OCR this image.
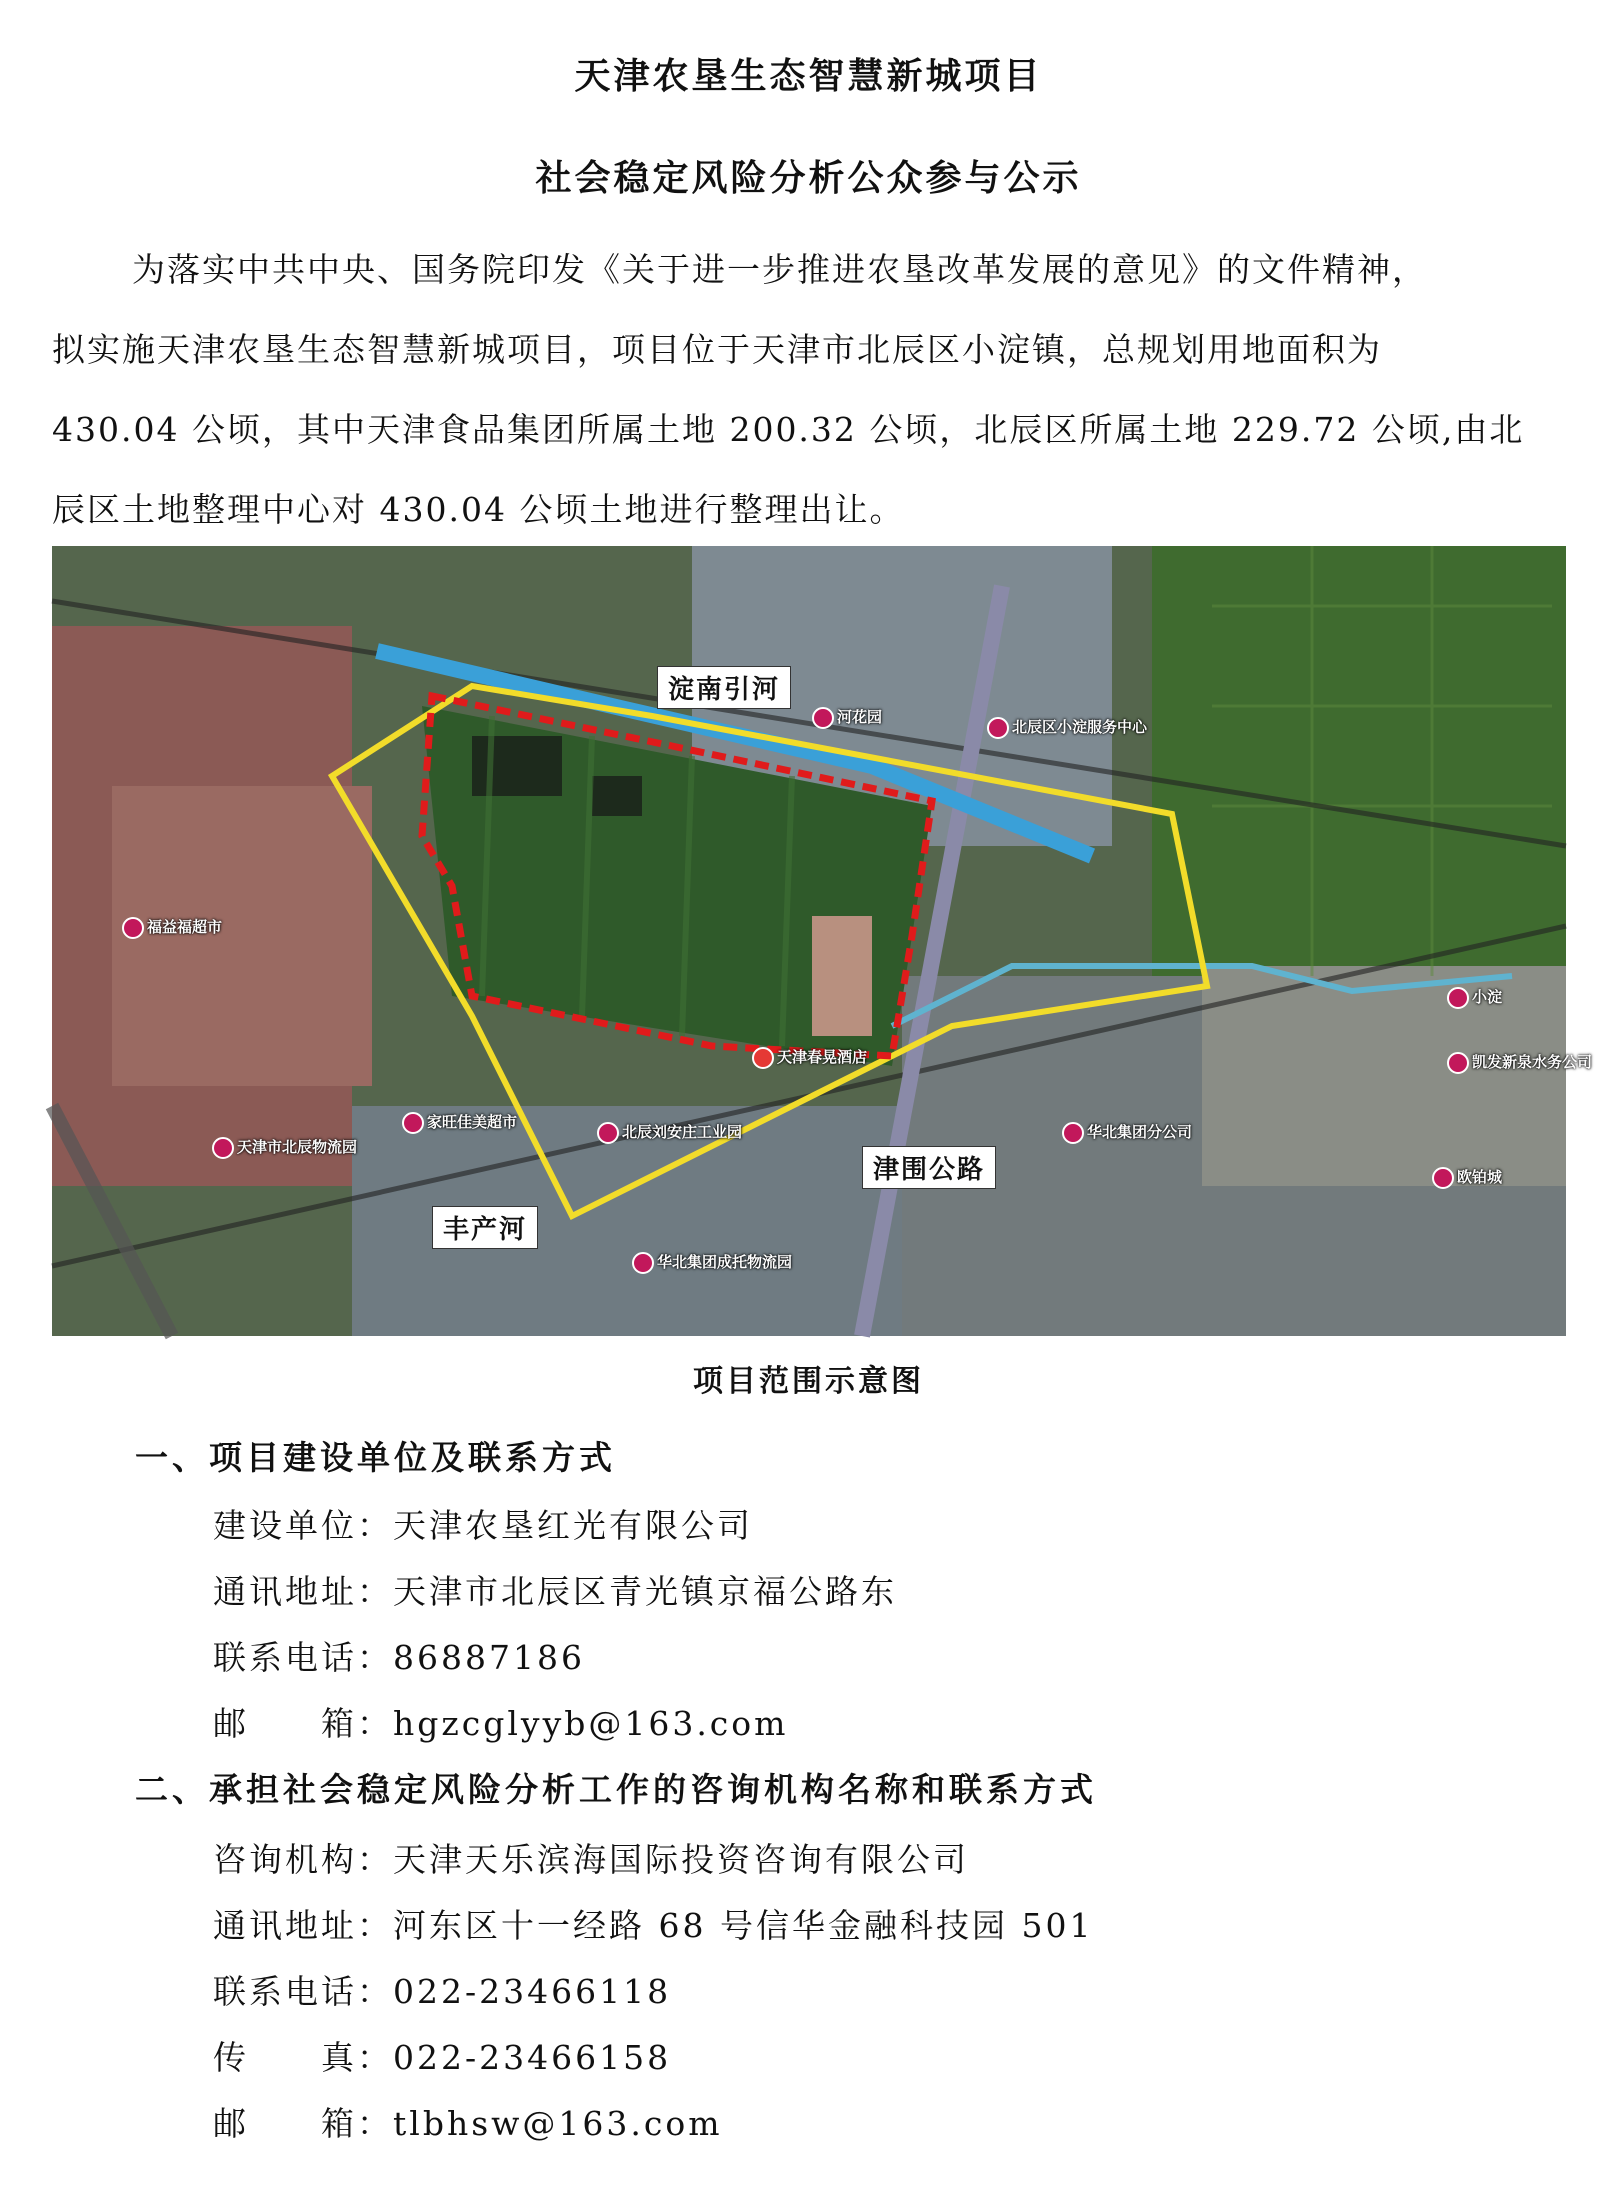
天津农垦生态智慧新城项目
社会稳定风险分析公众参与公示
为落实中共中央、国务院印发《关于进一步推进农垦改革发展的意见》的文件精神，
拟实施天津农垦生态智慧新城项目，项目位于天津市北辰区小淀镇，总规划用地面积为
430.04 公顷，其中天津食品集团所属土地 200.32 公顷，北辰区所属土地 229.72 公顷,由北
辰区土地整理中心对 430.04 公顷土地进行整理出让。
淀南引河
津围公路
丰产河
福益福超市
天津市北辰物流园
家旺佳美超市
北辰刘安庄工业园
华北集团成托物流园
华北集团分公司
凯发新泉水务公司
欧铂城
天津春晃酒店
小淀
北辰区小淀服务中心
河花园
项目范围示意图
一、项目建设单位及联系方式
建设单位：天津农垦红光有限公司
通讯地址：天津市北辰区青光镇京福公路东
联系电话：86887186
邮　　箱：hgzcglyyb@163.com
二、承担社会稳定风险分析工作的咨询机构名称和联系方式
咨询机构：天津天乐滨海国际投资咨询有限公司
通讯地址：河东区十一经路 68 号信华金融科技园 501
联系电话：022-23466118
传　　真：022-23466158
邮　　箱：tlbhsw@163.com
